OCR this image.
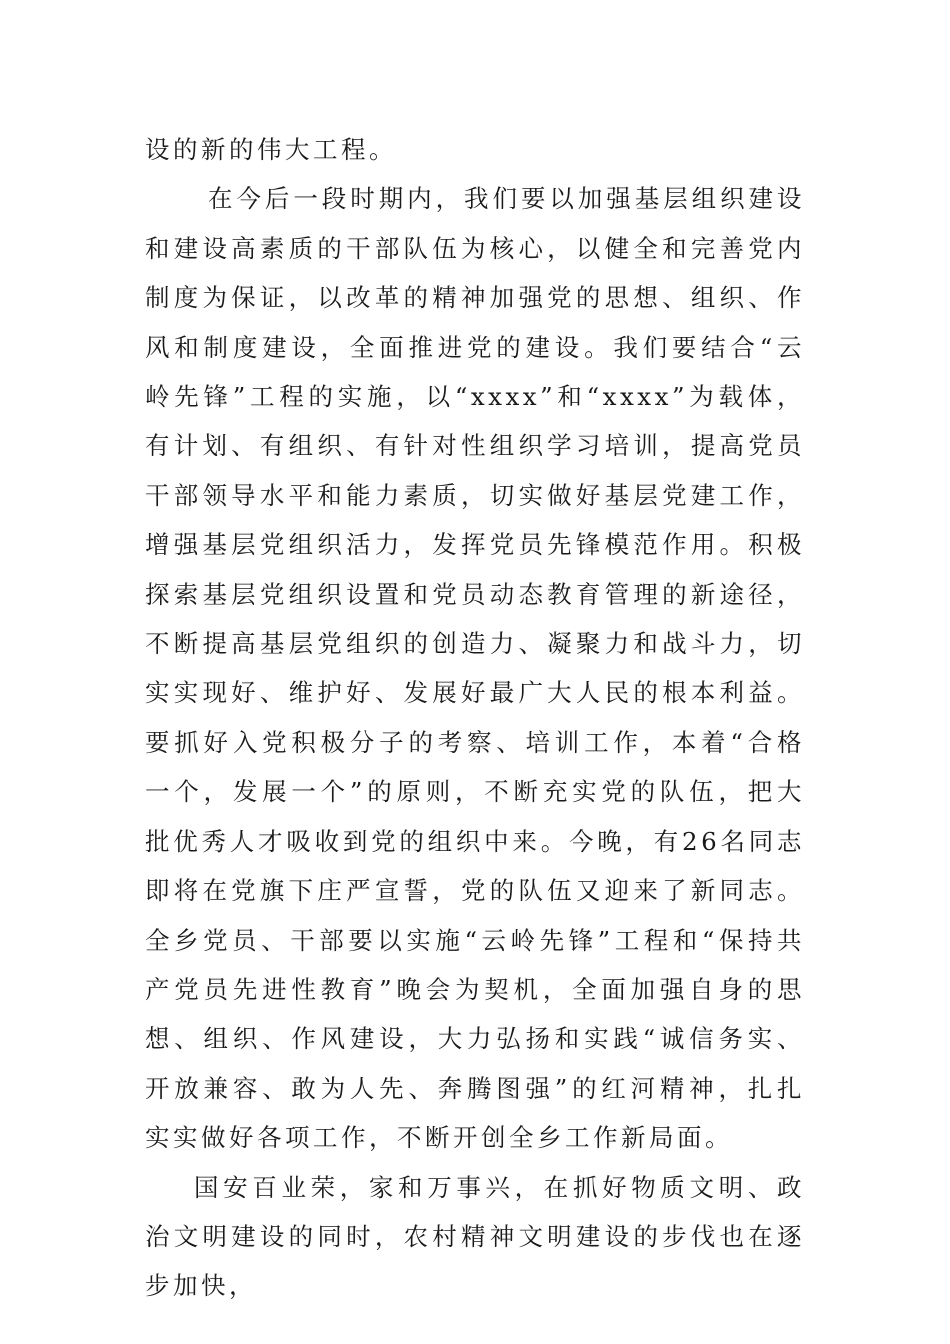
设的新的伟大工程。

在今后一段时期内，我们要以加强基层组织建设和建设高素质的干部队伍为核心，以健全和完善党内制度为保证，以改革的精神加强党的思想、组织、作风和制度建设，全面推进党的建设。我们要结合“云岭先锋”工程的实施，以“xxxx”和“xxxx”为载体，有计划、有组织、有针对性组织学习培训，提高党员干部领导水平和能力素质，切实做好基层党建工作，增强基层党组织活力，发挥党员先锋模范作用。积极探索基层党组织设置和党员动态教育管理的新途径，不断提高基层党组织的创造力、凝聚力和战斗力，切实实现好、维护好、发展好最广大人民的根本利益。要抓好入党积极分子的考察、培训工作，本着“合格一个，发展一个”的原则，不断充实党的队伍，把大批优秀人才吸收到党的组织中来。今晚，有26名同志即将在党旗下庄严宣誓，党的队伍又迎来了新同志。全乡党员、干部要以实施“云岭先锋”工程和“保持共产党员先进性教育”晚会为契机，全面加强自身的思想、组织、作风建设，大力弘扬和实践“诚信务实、开放兼容、敢为人先、奔腾图强”的红河精神，扎扎实实做好各项工作，不断开创全乡工作新局面。

国安百业荣，家和万事兴，在抓好物质文明、政治文明建设的同时，农村精神文明建设的步伐也在逐步加快，
